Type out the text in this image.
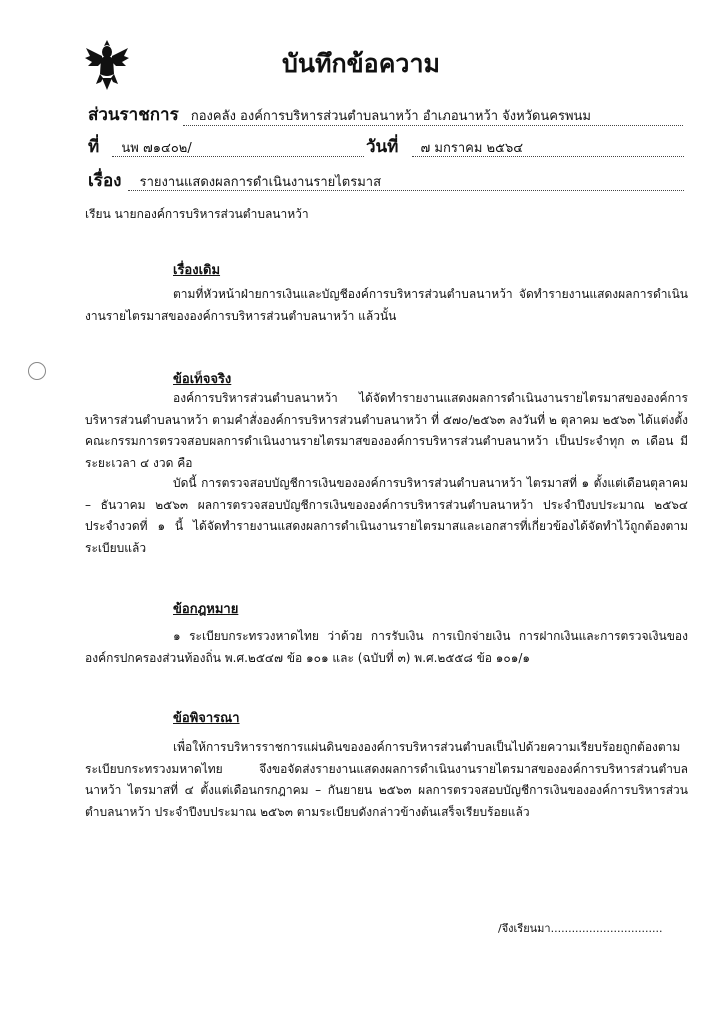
บันทึกข้อความ
ส่วนราชการ กองคลัง องค์การบริหารส่วนตำบลนาหว้า อำเภอนาหว้า จังหวัดนครพนม
ที่ นพ ๗๑๔๐๒/	วันที่ ๗ มกราคม ๒๕๖๔
เรื่อง รายงานแสดงผลการดำเนินงานรายไตรมาส
เรียน นายกองค์การบริหารส่วนตำบลนาหว้า
เรื่องเดิม

ตามที่หัวหน้าฝ่ายการเงินและบัญชีองค์การบริหารส่วนตำบลนาหว้า จัดทำรายงานแสดงผลการดำเนินงานรายไตรมาสขององค์การบริหารส่วนตำบลนาหว้า แล้วนั้น

ข้อเท็จจริง

องค์การบริหารส่วนตำบลนาหว้า ได้จัดทำรายงานแสดงผลการดำเนินงานรายไตรมาสขององค์การบริหารส่วนตำบลนาหว้า ตามคำสั่งองค์การบริหารส่วนตำบลนาหว้า ที่ ๕๗๐/๒๕๖๓ ลงวันที่ ๒ ตุลาคม ๒๕๖๓ ได้แต่งตั้งคณะกรรมการตรวจสอบผลการดำเนินงานรายไตรมาสขององค์การบริหารส่วนตำบลนาหว้า เป็นประจำทุก ๓ เดือน มีระยะเวลา ๔ งวด คือ

บัดนี้ การตรวจสอบบัญชีการเงินขององค์การบริหารส่วนตำบลนาหว้า ไตรมาสที่ ๑ ตั้งแต่เดือนตุลาคม – ธันวาคม ๒๕๖๓ ผลการตรวจสอบบัญชีการเงินขององค์การบริหารส่วนตำบลนาหว้า ประจำปีงบประมาณ ๒๕๖๔ ประจำงวดที่ ๑ นี้ ได้จัดทำรายงานแสดงผลการดำเนินงานรายไตรมาสและเอกสารที่เกี่ยวข้องได้จัดทำไว้ถูกต้องตามระเบียบแล้ว

ข้อกฎหมาย

๑ ระเบียบกระทรวงหาดไทย ว่าด้วย การรับเงิน การเบิกจ่ายเงิน การฝากเงินและการตรวจเงินขององค์กรปกครองส่วนท้องถิ่น พ.ศ.๒๕๔๗ ข้อ ๑๐๑ และ (ฉบับที่ ๓) พ.ศ.๒๕๕๘ ข้อ ๑๐๑/๑

ข้อพิจารณา

เพื่อให้การบริหารราชการแผ่นดินขององค์การบริหารส่วนตำบลเป็นไปด้วยความเรียบร้อยถูกต้องตามระเบียบกระทรวงมหาดไทย จึงขอจัดส่งรายงานแสดงผลการดำเนินงานรายไตรมาสขององค์การบริหารส่วนตำบลนาหว้า ไตรมาสที่ ๔ ตั้งแต่เดือนกรกฎาคม – กันยายน ๒๕๖๓ ผลการตรวจสอบบัญชีการเงินขององค์การบริหารส่วนตำบลนาหว้า ประจำปีงบประมาณ ๒๕๖๓ ตามระเบียบดังกล่าวข้างต้นเสร็จเรียบร้อยแล้ว

/จึงเรียนมา................................
